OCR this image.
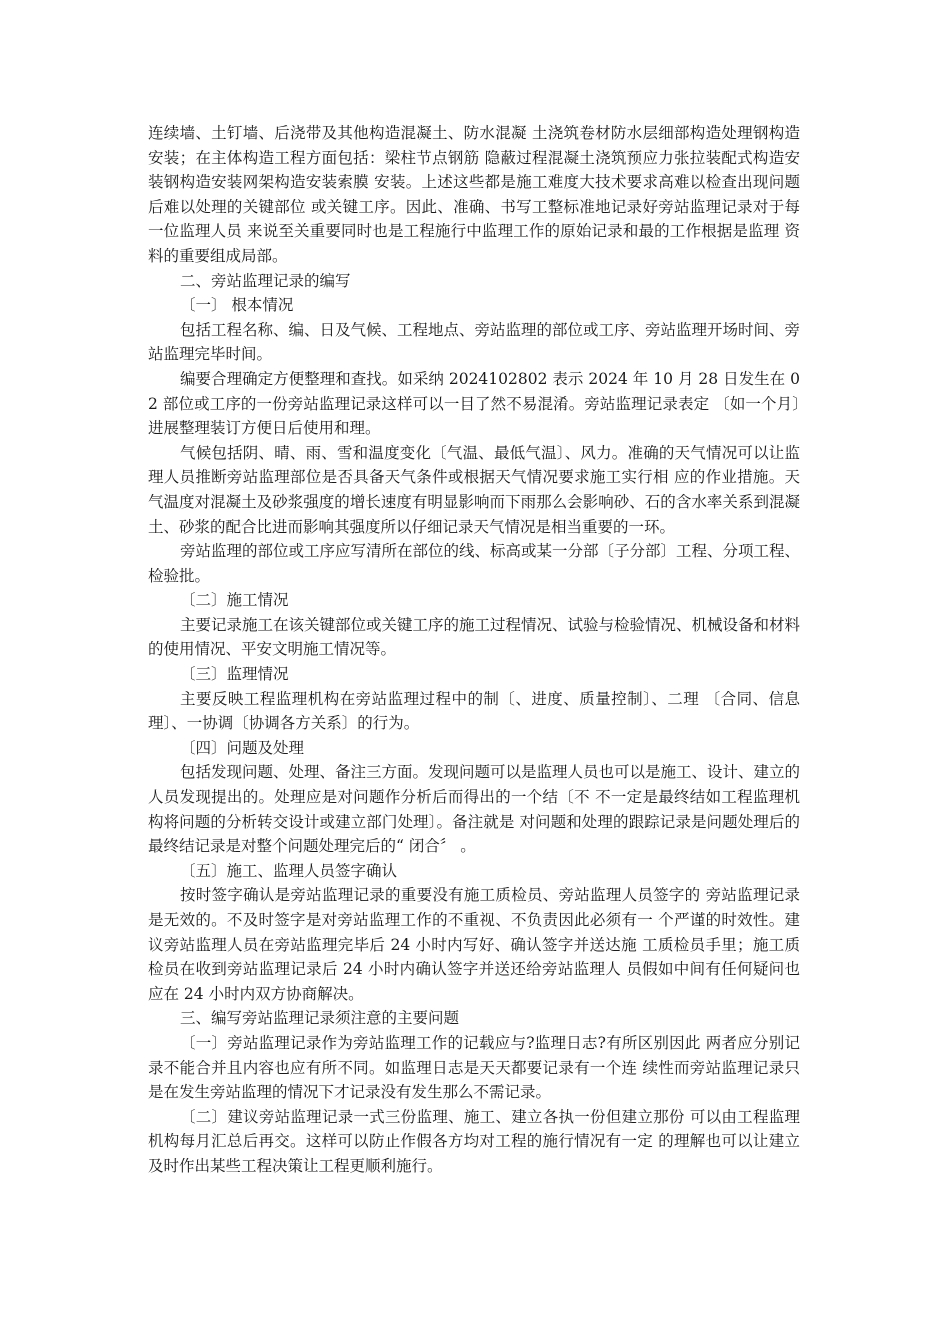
连续墙、土钉墙、后浇带及其他构造混凝土、防水混凝 土浇筑卷材防水层细部构造处理钢构造安装；在主体构造工程方面包括：梁柱节点钢筋 隐蔽过程混凝土浇筑预应力张拉装配式构造安装钢构造安装网架构造安装索膜 安装。上述这些都是施工难度大技术要求高难以检查出现问题后难以处理的关键部位 或关键工序。因此、准确、书写工整标准地记录好旁站监理记录对于每一位监理人员 来说至关重要同时也是工程施行中监理工作的原始记录和最的工作根据是监理 资料的重要组成局部。

二、旁站监理记录的编写

〔一〕 根本情况

包括工程名称、编、日及气候、工程地点、旁站监理的部位或工序、旁站监理开场时间、旁站监理完毕时间。

编要合理确定方便整理和查找。如采纳 2024102802 表示 2024 年 10 月 28 日发生在 02 部位或工序的一份旁站监理记录这样可以一目了然不易混淆。旁站监理记录表定 〔如一个月〕进展整理装订方便日后使用和理。

气候包括阴、晴、雨、雪和温度变化〔气温、最低气温〕、风力。准确的天气情况可以让监理人员推断旁站监理部位是否具备天气条件或根据天气情况要求施工实行相 应的作业措施。天气温度对混凝土及砂浆强度的增长速度有明显影响而下雨那么会影响砂、石的含水率关系到混凝土、砂浆的配合比进而影响其强度所以仔细记录天气情况是相当重要的一环。

旁站监理的部位或工序应写清所在部位的线、标高或某一分部〔子分部〕工程、分项工程、检验批。

〔二〕施工情况

主要记录施工在该关键部位或关键工序的施工过程情况、试验与检验情况、机械设备和材料的使用情况、平安文明施工情况等。

〔三〕监理情况

主要反映工程监理机构在旁站监理过程中的制〔、进度、质量控制〕、二理 〔合同、信息理〕、一协调〔协调各方关系〕的行为。

〔四〕问题及处理

包括发现问题、处理、备注三方面。发现问题可以是监理人员也可以是施工、设计、建立的人员发现提出的。处理应是对问题作分析后而得出的一个结〔不 不一定是最终结如工程监理机构将问题的分析转交设计或建立部门处理〕。备注就是 对问题和处理的跟踪记录是问题处理后的最终结记录是对整个问题处理完后的“ 闭合〞 。

〔五〕施工、监理人员签字确认

按时签字确认是旁站监理记录的重要没有施工质检员、旁站监理人员签字的 旁站监理记录是无效的。不及时签字是对旁站监理工作的不重视、不负责因此必须有一 个严谨的时效性。建议旁站监理人员在旁站监理完毕后 24 小时内写好、确认签字并送达施 工质检员手里；施工质检员在收到旁站监理记录后 24 小时内确认签字并送还给旁站监理人 员假如中间有任何疑问也应在 24 小时内双方协商解决。

三、编写旁站监理记录须注意的主要问题

〔一〕旁站监理记录作为旁站监理工作的记载应与?监理日志?有所区别因此 两者应分别记录不能合并且内容也应有所不同。如监理日志是天天都要记录有一个连 续性而旁站监理记录只是在发生旁站监理的情况下才记录没有发生那么不需记录。

〔二〕建议旁站监理记录一式三份监理、施工、建立各执一份但建立那份 可以由工程监理机构每月汇总后再交。这样可以防止作假各方均对工程的施行情况有一定 的理解也可以让建立及时作出某些工程决策让工程更顺利施行。
